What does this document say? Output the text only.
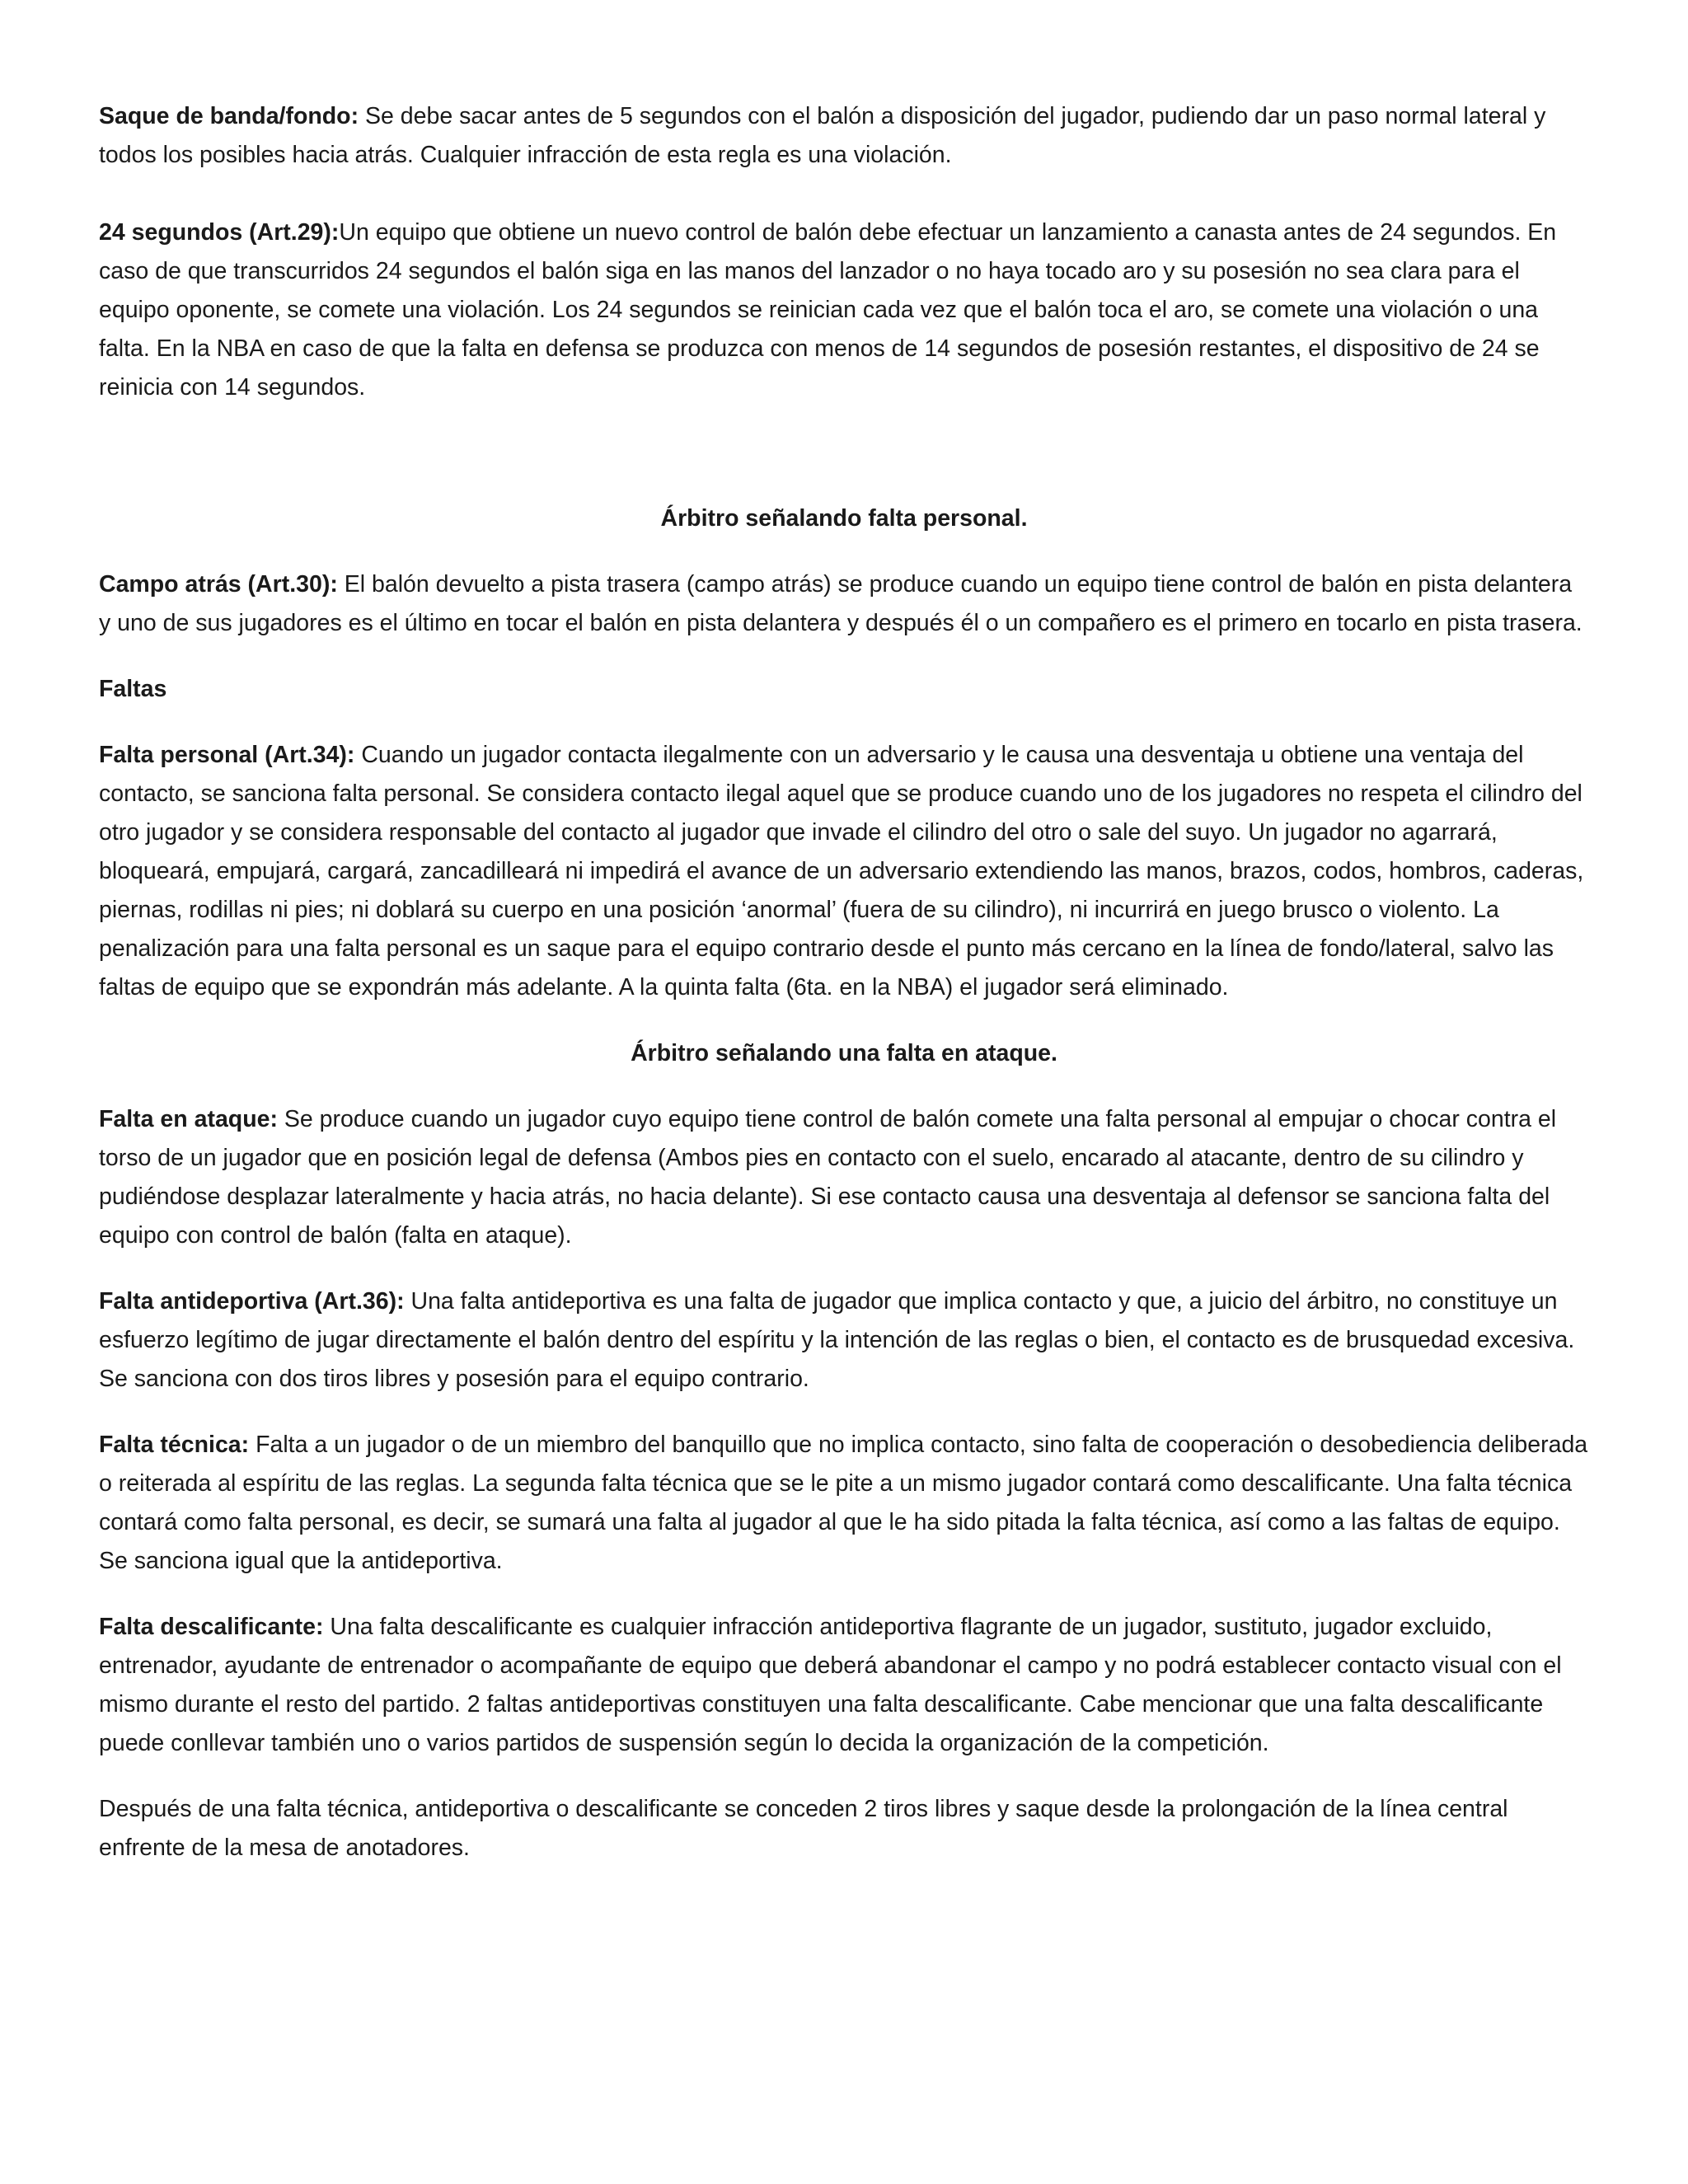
Saque de banda/fondo: Se debe sacar antes de 5 segundos con el balón a disposición del jugador, pudiendo dar un paso normal lateral y todos los posibles hacia atrás. Cualquier infracción de esta regla es una violación.

24 segundos (Art.29):Un equipo que obtiene un nuevo control de balón debe efectuar un lanzamiento a canasta antes de 24 segundos. En caso de que transcurridos 24 segundos el balón siga en las manos del lanzador o no haya tocado aro y su posesión no sea clara para el equipo oponente, se comete una violación. Los 24 segundos se reinician cada vez que el balón toca el aro, se comete una violación o una falta. En la NBA en caso de que la falta en defensa se produzca con menos de 14 segundos de posesión restantes, el dispositivo de 24 se reinicia con 14 segundos.

Árbitro señalando falta personal.

Campo atrás (Art.30): El balón devuelto a pista trasera (campo atrás) se produce cuando un equipo tiene control de balón en pista delantera y uno de sus jugadores es el último en tocar el balón en pista delantera y después él o un compañero es el primero en tocarlo en pista trasera.

Faltas

Falta personal (Art.34): Cuando un jugador contacta ilegalmente con un adversario y le causa una desventaja u obtiene una ventaja del contacto, se sanciona falta personal. Se considera contacto ilegal aquel que se produce cuando uno de los jugadores no respeta el cilindro del otro jugador y se considera responsable del contacto al jugador que invade el cilindro del otro o sale del suyo. Un jugador no agarrará, bloqueará, empujará, cargará, zancadilleará ni impedirá el avance de un adversario extendiendo las manos, brazos, codos, hombros, caderas, piernas, rodillas ni pies; ni doblará su cuerpo en una posición ‘anormal’ (fuera de su cilindro), ni incurrirá en juego brusco o violento. La penalización para una falta personal es un saque para el equipo contrario desde el punto más cercano en la línea de fondo/lateral, salvo las faltas de equipo que se expondrán más adelante. A la quinta falta (6ta. en la NBA) el jugador será eliminado.

Árbitro señalando una falta en ataque.

Falta en ataque: Se produce cuando un jugador cuyo equipo tiene control de balón comete una falta personal al empujar o chocar contra el torso de un jugador que en posición legal de defensa (Ambos pies en contacto con el suelo, encarado al atacante, dentro de su cilindro y pudiéndose desplazar lateralmente y hacia atrás, no hacia delante). Si ese contacto causa una desventaja al defensor se sanciona falta del equipo con control de balón (falta en ataque).

Falta antideportiva (Art.36): Una falta antideportiva es una falta de jugador que implica contacto y que, a juicio del árbitro, no constituye un esfuerzo legítimo de jugar directamente el balón dentro del espíritu y la intención de las reglas o bien, el contacto es de brusquedad excesiva. Se sanciona con dos tiros libres y posesión para el equipo contrario.

Falta técnica: Falta a un jugador o de un miembro del banquillo que no implica contacto, sino falta de cooperación o desobediencia deliberada o reiterada al espíritu de las reglas. La segunda falta técnica que se le pite a un mismo jugador contará como descalificante. Una falta técnica contará como falta personal, es decir, se sumará una falta al jugador al que le ha sido pitada la falta técnica, así como a las faltas de equipo. Se sanciona igual que la antideportiva.

Falta descalificante: Una falta descalificante es cualquier infracción antideportiva flagrante de un jugador, sustituto, jugador excluido, entrenador, ayudante de entrenador o acompañante de equipo que deberá abandonar el campo y no podrá establecer contacto visual con el mismo durante el resto del partido. 2 faltas antideportivas constituyen una falta descalificante. Cabe mencionar que una falta descalificante puede conllevar también uno o varios partidos de suspensión según lo decida la organización de la competición.

Después de una falta técnica, antideportiva o descalificante se conceden 2 tiros libres y saque desde la prolongación de la línea central enfrente de la mesa de anotadores.
